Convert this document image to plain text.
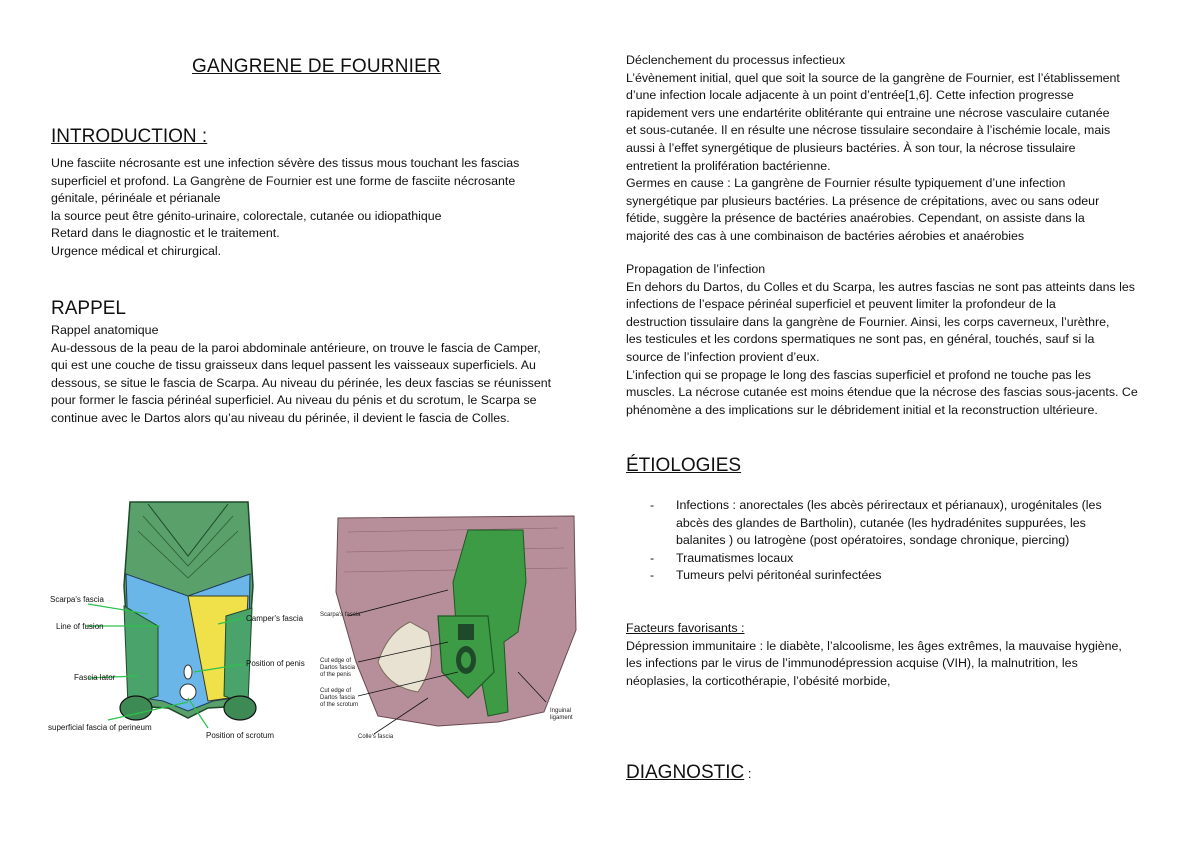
GANGRENE DE FOURNIER
INTRODUCTION :
Une fasciite nécrosante est une infection sévère des tissus mous touchant les fascias
superficiel et profond. La Gangrène de Fournier est une forme de fasciite nécrosante
génitale, périnéale et périanale
la source peut être génito-urinaire, colorectale, cutanée ou idiopathique
Retard dans le diagnostic et le traitement.
Urgence médical et chirurgical.
RAPPEL
Rappel anatomique
Au-dessous de la peau de la paroi abdominale antérieure, on trouve le fascia de Camper,
qui est une couche de tissu graisseux dans lequel passent les vaisseaux superficiels. Au
dessous, se situe le fascia de Scarpa. Au niveau du périnée, les deux fascias se réunissent
pour former le fascia périnéal superficiel. Au niveau du pénis et du scrotum, le Scarpa se
continue avec le Dartos alors qu’au niveau du périnée, il devient le fascia de Colles.
Scarpa's fascia
Line of fusion
Fascia lator
superficial fascia of perineum
Camper's fascia
Position of penis
Position of scrotum
Scarpa's fascia
Cut edge of
Dartos fascia
of the penis
Cut edge of
Dartos fascia
of the scrotum
Colle's fascia
Inguinal
ligament
Déclenchement du processus infectieux
L’évènement initial, quel que soit la source de la gangrène de Fournier, est l’établissement
d’une infection locale adjacente à un point d’entrée[1,6]. Cette infection progresse
rapidement vers une endartérite oblitérante qui entraine une nécrose vasculaire cutanée
et sous-cutanée. Il en résulte une nécrose tissulaire secondaire à l’ischémie locale, mais
aussi à l’effet synergétique de plusieurs bactéries. À son tour, la nécrose tissulaire
entretient la prolifération bactérienne.
Germes en cause : La gangrène de Fournier résulte typiquement d’une infection
synergétique par plusieurs bactéries. La présence de crépitations, avec ou sans odeur
fétide, suggère la présence de bactéries anaérobies. Cependant, on assiste dans la
majorité des cas à une combinaison de bactéries aérobies et anaérobies
Propagation de l’infection
En dehors du Dartos, du Colles et du Scarpa, les autres fascias ne sont pas atteints dans les
infections de l’espace périnéal superficiel et peuvent limiter la profondeur de la
destruction tissulaire dans la gangrène de Fournier. Ainsi, les corps caverneux, l’urèthre,
les testicules et les cordons spermatiques ne sont pas, en général, touchés, sauf si la
source de l’infection provient d’eux.
L’infection qui se propage le long des fascias superficiel et profond ne touche pas les
muscles. La nécrose cutanée est moins étendue que la nécrose des fascias sous-jacents. Ce
phénomène a des implications sur le débridement initial et la reconstruction ultérieure.
ÉTIOLOGIES
- Infections : anorectales (les abcès périrectaux et périanaux), urogénitales (les
abcès des glandes de Bartholin), cutanée (les hydradénites suppurées, les
balanites ) ou Iatrogène (post opératoires, sondage chronique, piercing)
- Traumatismes locaux
- Tumeurs pelvi péritonéal surinfectées
Facteurs favorisants :
Dépression immunitaire : le diabète, l’alcoolisme, les âges extrêmes, la mauvaise hygiène,
les infections par le virus de l’immunodépression acquise (VIH), la malnutrition, les
néoplasies, la corticothérapie, l’obésité morbide,
DIAGNOSTIC :
